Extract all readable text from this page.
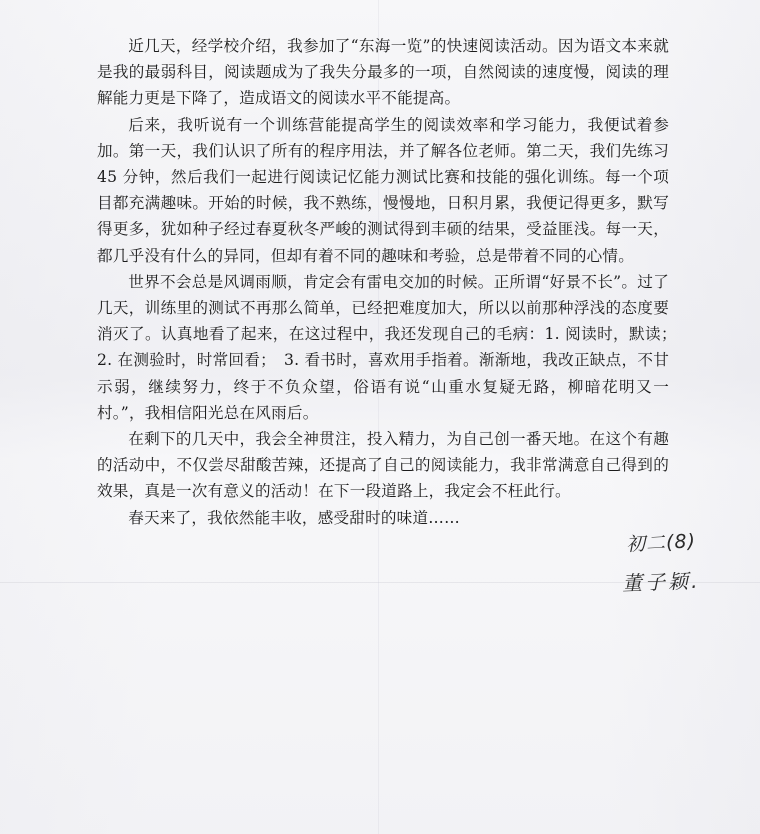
近几天，经学校介绍，我参加了“东海一览”的快速阅读活动。因为语文本来就是我的最弱科目，阅读题成为了我失分最多的一项，自然阅读的速度慢，阅读的理解能力更是下降了，造成语文的阅读水平不能提高。

后来，我听说有一个训练营能提高学生的阅读效率和学习能力，我便试着参加。第一天，我们认识了所有的程序用法，并了解各位老师。第二天，我们先练习 45 分钟，然后我们一起进行阅读记忆能力测试比赛和技能的强化训练。每一个项目都充满趣味。开始的时候，我不熟练，慢慢地，日积月累，我便记得更多，默写得更多，犹如种子经过春夏秋冬严峻的测试得到丰硕的结果，受益匪浅。每一天，都几乎没有什么的异同，但却有着不同的趣味和考验，总是带着不同的心情。

世界不会总是风调雨顺，肯定会有雷电交加的时候。正所谓“好景不长”。过了几天，训练里的测试不再那么简单，已经把难度加大，所以以前那种浮浅的态度要消灭了。认真地看了起来，在这过程中，我还发现自己的毛病：1. 阅读时，默读；　2. 在测验时，时常回看；　3. 看书时，喜欢用手指着。渐渐地，我改正缺点，不甘示弱，继续努力，终于不负众望，俗语有说“山重水复疑无路，柳暗花明又一村。”，我相信阳光总在风雨后。

在剩下的几天中，我会全神贯注，投入精力，为自己创一番天地。在这个有趣的活动中，不仅尝尽甜酸苦辣，还提高了自己的阅读能力，我非常满意自己得到的效果，真是一次有意义的活动！在下一段道路上，我定会不枉此行。

春天来了，我依然能丰收，感受甜时的味道……

初二(8)
董子颖.
